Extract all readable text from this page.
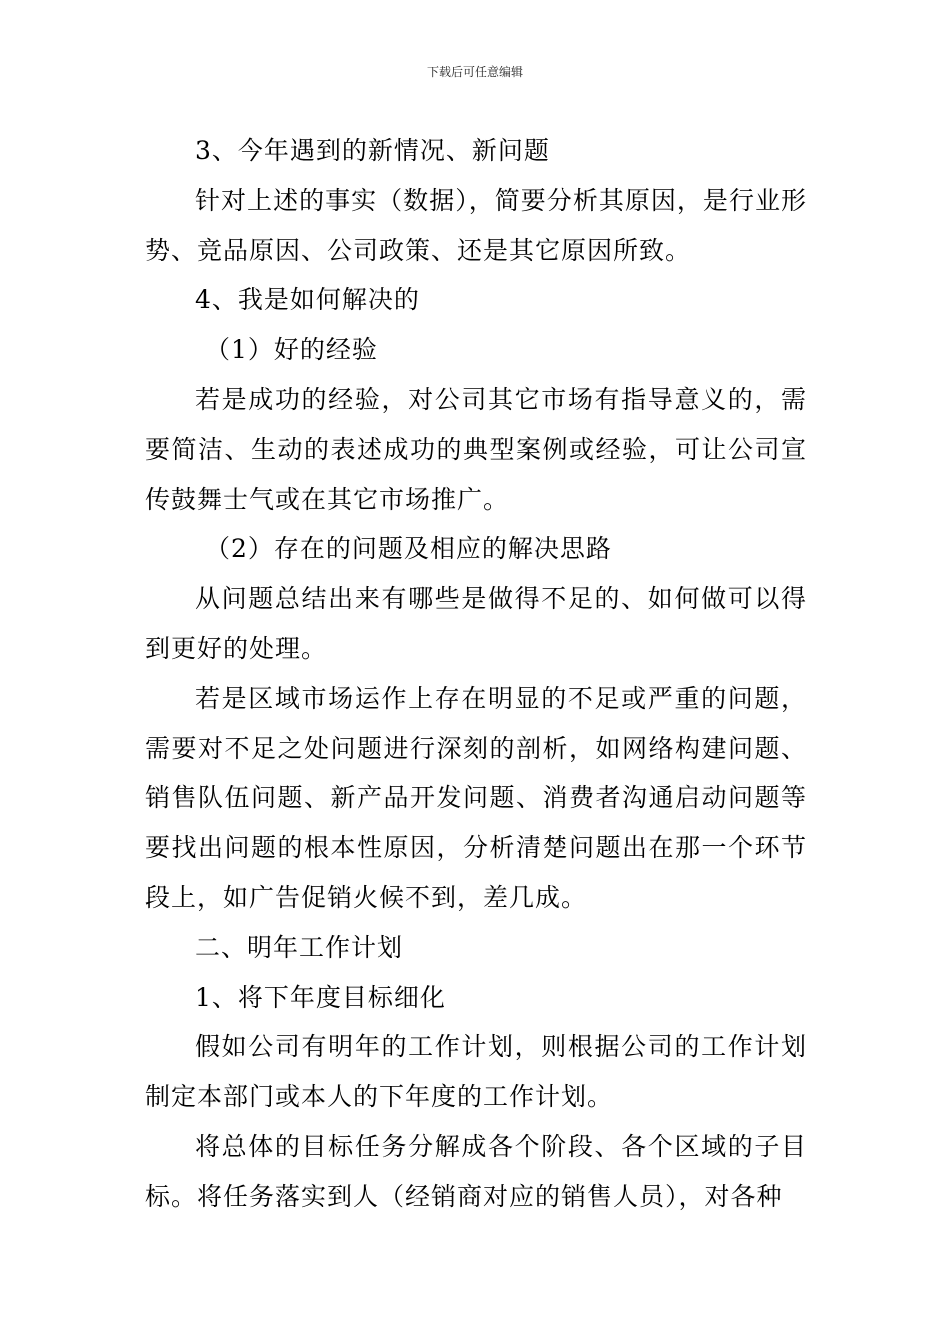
下载后可任意编辑

3、今年遇到的新情况、新问题

针对上述的事实（数据），简要分析其原因，是行业形势、竞品原因、公司政策、还是其它原因所致。

4、我是如何解决的

（1）好的经验

若是成功的经验，对公司其它市场有指导意义的，需要简洁、生动的表述成功的典型案例或经验，可让公司宣传鼓舞士气或在其它市场推广。

（2）存在的问题及相应的解决思路

从问题总结出来有哪些是做得不足的、如何做可以得到更好的处理。

若是区域市场运作上存在明显的不足或严重的问题，需要对不足之处问题进行深刻的剖析，如网络构建问题、销售队伍问题、新产品开发问题、消费者沟通启动问题等要找出问题的根本性原因，分析清楚问题出在那一个环节段上，如广告促销火候不到，差几成。

二、明年工作计划

1、将下年度目标细化

假如公司有明年的工作计划，则根据公司的工作计划制定本部门或本人的下年度的工作计划。

将总体的目标任务分解成各个阶段、各个区域的子目标。将任务落实到人（经销商对应的销售人员），对各种
